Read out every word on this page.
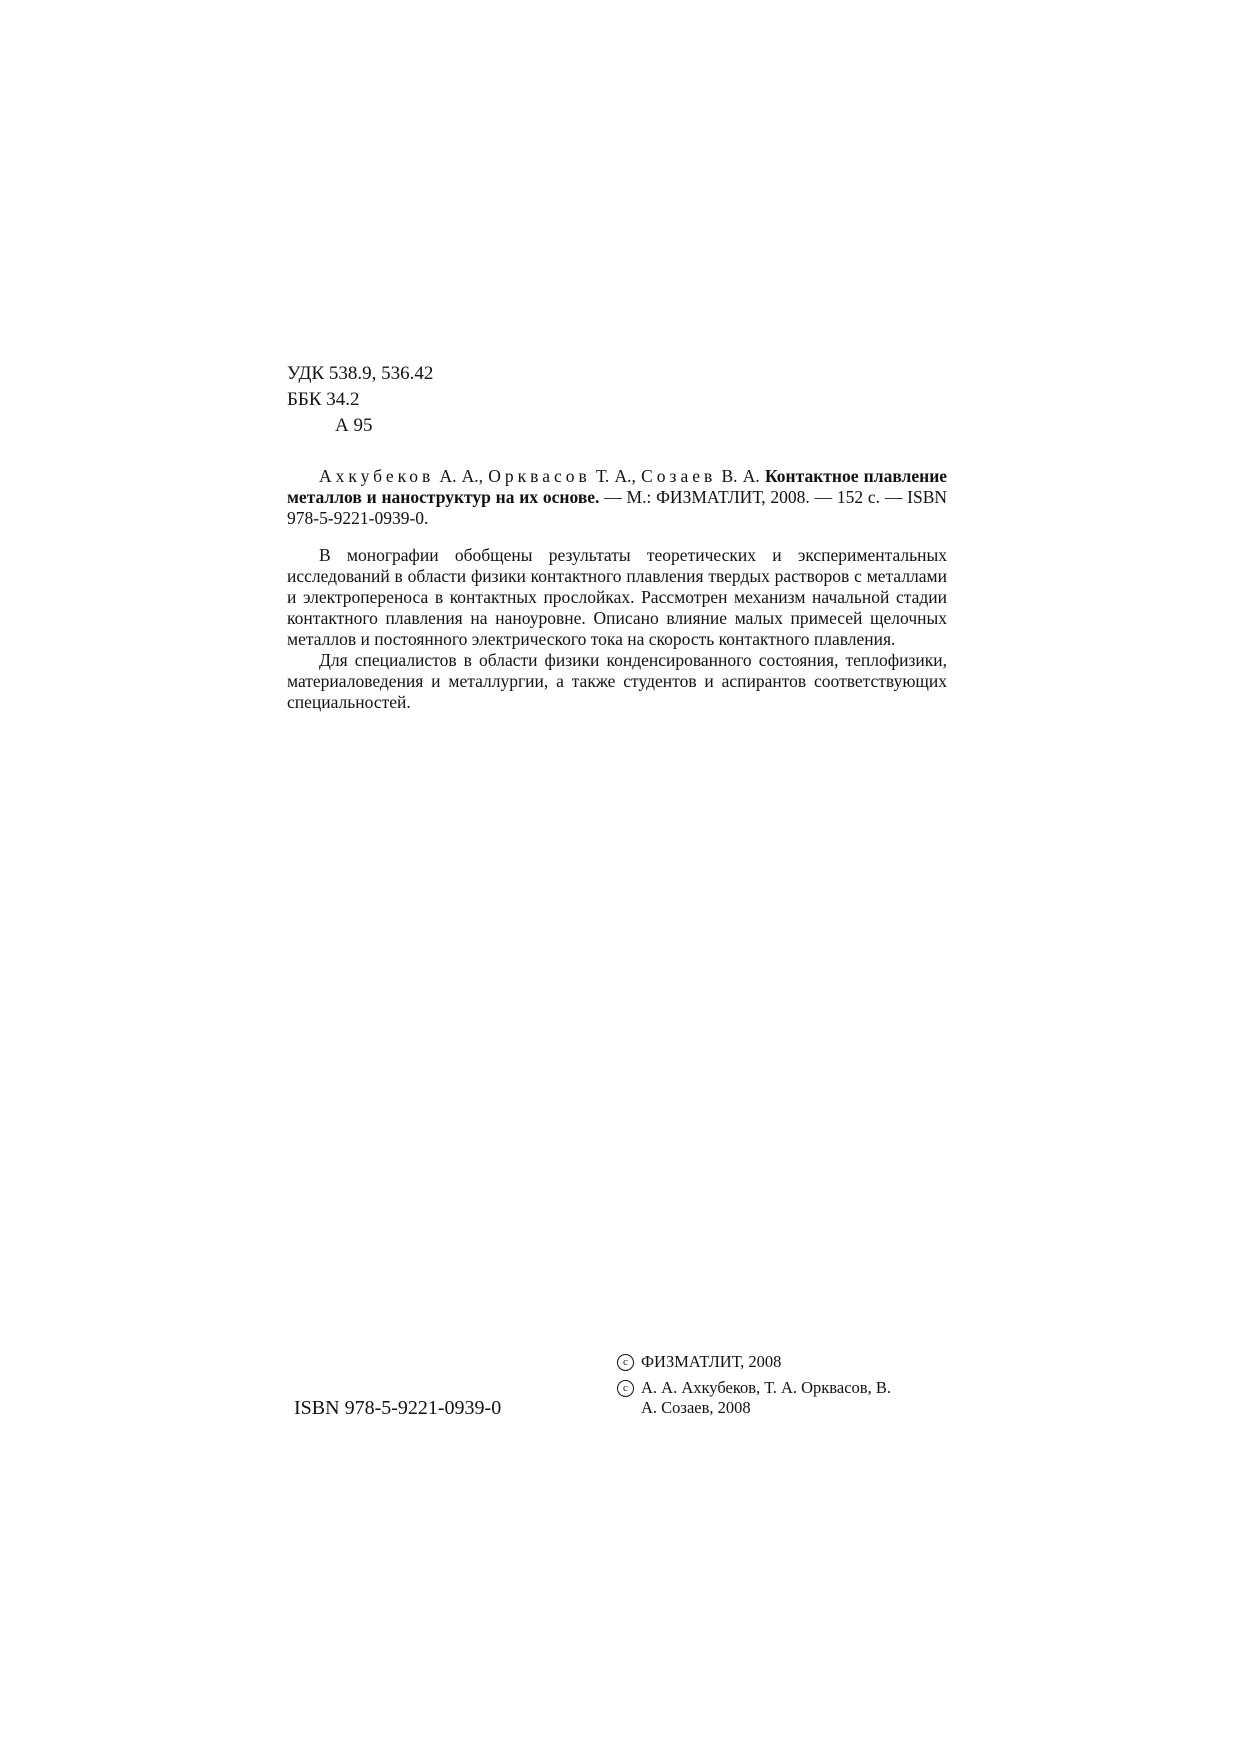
УДК 538.9, 536.42
ББК 34.2
А 95

Ахкубеков А. А., Орквасов Т. А., Созаев В. А. Контактное плавление металлов и наноструктур на их основе. — М.: ФИЗМАТЛИТ, 2008. — 152 с. — ISBN 978-5-9221-0939-0.

В монографии обобщены результаты теоретических и экспериментальных исследований в области физики контактного плавления твердых растворов с металлами и электропереноса в контактных прослойках. Рассмотрен механизм начальной стадии контактного плавления на наноуровне. Описано влияние малых примесей щелочных металлов и постоянного электрического тока на скорость контактного плавления.

Для специалистов в области физики конденсированного состояния, теплофизики, материаловедения и металлургии, а также студентов и аспирантов соответствующих специальностей.

ISBN 978-5-9221-0939-0
c ФИЗМАТЛИТ, 2008
c А. А. Ахкубеков, Т. А. Орквасов, В. А. Созаев, 2008
